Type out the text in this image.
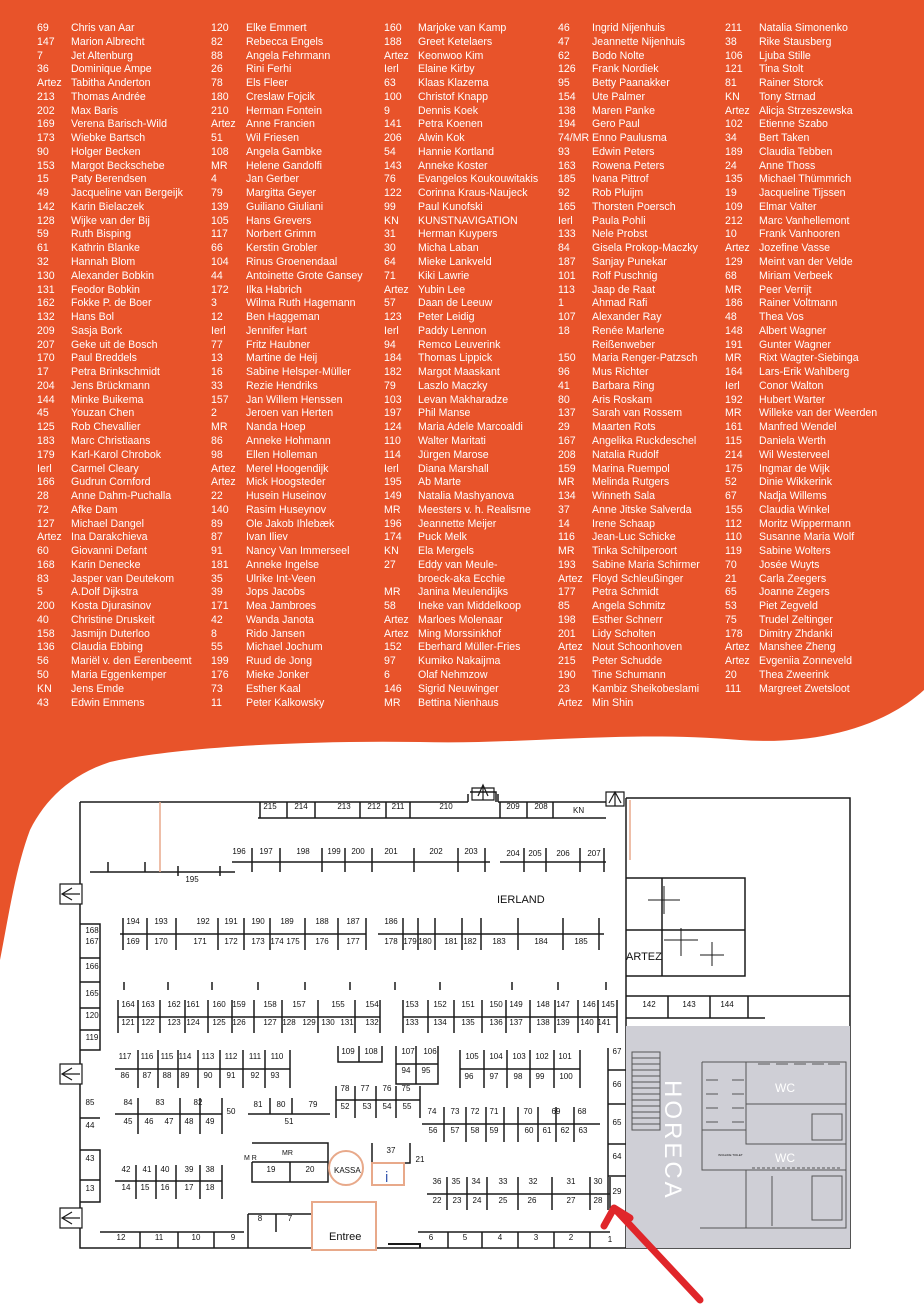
69 Chris van Aar
147 Marion Albrecht
7	Jet Altenburg
36 Dominique Ampe
Artez Tabitha Anderton
213 Thomas Andrée
202 Max Baris
169 Verena Barisch-Wild
173 Wiebke Bartsch
90 Holger Becken
153 Margot Beckschebe
15 Paty Berendsen
49 Jacqueline van Bergeijk
142 Karin Bielaczek
128 Wijke van der Bij
59 Ruth Bisping
61 Kathrin Blanke
32 Hannah Blom
130 Alexander Bobkin
131 Feodor Bobkin
162 Fokke P. de Boer
132 Hans Bol
209 Sasja Bork
207 Geke uit de Bosch
170 Paul Breddels
17 Petra Brinkschmidt
204 Jens Brückmann
144 Minke Buikema
45 Youzan Chen
125 Rob Chevallier
183 Marc Christiaans
179 Karl-Karol Chrobok
Ierl Carmel Cleary
166 Gudrun Cornford
28 Anne Dahm-Puchalla
72 Afke Dam
127 Michael Dangel
Artez Ina Darakchieva
60 Giovanni Defant
168 Karin Denecke
83 Jasper van Deutekom
5	A.Dolf Dijkstra
200 Kosta Djurasinov
40 Christine Druskeit
158 Jasmijn Duterloo
136 Claudia Ebbing
56 Mariël v. den Eerenbeemt
50 Maria Eggenkemper
KN Jens Emde
43 Edwin Emmens
120 Elke Emmert
82 Rebecca Engels
88 Angela Fehrmann
26 Rini Ferhi
78 Els Fleer
180 Creslaw Fojcik
210 Herman Fontein
Artez Anne Francien
51 Wil Friesen
108 Angela Gambke
MR Helene Gandolfi
4	Jan Gerber
79 Margitta Geyer
139 Guiliano Giuliani
105 Hans Grevers
117 Norbert Grimm
66 Kerstin Grobler
104 Rinus Groenendaal
44 Antoinette Grote Gansey
172 Ilka Habrich
3	Wilma Ruth Hagemann
12 Ben Haggeman
Ierl Jennifer Hart
77 Fritz Haubner
13 Martine de Heij
16 Sabine Helsper-Müller
33 Rezie Hendriks
157 Jan Willem Henssen
2	Jeroen van Herten
MR Nanda Hoep
86 Anneke Hohmann
98 Ellen Holleman
Artez Merel Hoogendijk
Artez Mick Hoogsteder
22 Husein Huseinov
140 Rasim Huseynov
89 Ole Jakob Ihlebæk
87 Ivan Iliev
91 Nancy Van Immerseel
181 Anneke Ingelse
35 Ulrike Int-Veen
39 Jops Jacobs
171 Mea Jambroes
42 Wanda Janota
8	Rido Jansen
55 Michael Jochum
199 Ruud de Jong
176 Mieke Jonker
73 Esther Kaal
11 Peter Kalkowsky
160 Marjoke van Kamp
188 Greet Ketelaers
Artez Keonwoo Kim
Ierl Elaine Kirby
63 Klaas Klazema
100 Christof Knapp
9	Dennis Koek
141 Petra Koenen
206 Alwin Kok
54 Hannie Kortland
143 Anneke Koster
76 Evangelos Koukouwitakis
122 Corinna Kraus-Naujeck
99 Paul Kunofski
KN KUNSTNAVIGATION
31 Herman Kuypers
30 Micha Laban
64 Mieke Lankveld
71 Kiki Lawrie
Artez Yubin Lee
57 Daan de Leeuw
123 Peter Leidig
Ierl Paddy Lennon
94 Remco Leuverink
184 Thomas Lippick
182 Margot Maaskant
79 Laszlo Maczky
103 Levan Makharadze
197 Phil Manse
124 Maria Adele Marcoaldi
110 Walter Maritati
114 Jürgen Marose
Ierl Diana Marshall
195 Ab Marte
149 Natalia Mashyanova
MR Meesters v. h. Realisme
196 Jeannette Meijer
174 Puck Melk
KN Ela Mergels
27 Eddy van Meule-
broeck-aka Ecchie
MR Janina Meulendijks
58 Ineke van Middelkoop
Artez Marloes Molenaar
Artez Ming Morssinkhof
152 Eberhard Müller-Fries
97 Kumiko Nakaijma
6	Olaf Nehmzow
146 Sigrid Neuwinger
MR Bettina Nienhaus
46 Ingrid Nijenhuis
47 Jeannette Nijenhuis
62 Bodo Nolte
126 Frank Nordiek
95 Betty Paanakker
154 Ute Palmer
138 Maren Panke
194 Gero Paul
74/MR Enno Paulusma
93 Edwin Peters
163 Rowena Peters
185 Ivana Pittrof
92 Rob Pluijm
165 Thorsten Poersch
Ierl Paula Pohli
133 Nele Probst
84 Gisela Prokop-Maczky
187 Sanjay Punekar
101 Rolf Puschnig
113 Jaap de Raat
1	Ahmad Rafi
107 Alexander Ray
18 Renée Marlene
Reißenweber
150 Maria Renger-Patzsch
96 Mus Richter
41 Barbara Ring
80 Aris Roskam
137 Sarah van Rossem
29 Maarten Rots
167 Angelika Ruckdeschel
208 Natalia Rudolf
159 Marina Ruempol
MR Melinda Rutgers
134 Winneth Sala
37 Anne Jitske Salverda
14 Irene Schaap
116 Jean-Luc Schicke
MR Tinka Schilperoort
193 Sabine Maria Schirmer
Artez Floyd Schleußinger
177 Petra Schmidt
85 Angela Schmitz
198 Esther Schnerr
201 Lidy Scholten
Artez Nout Schoonhoven
215 Peter Schudde
190 Tine Schumann
23 Kambiz Sheikobeslami
Artez Min Shin
211 Natalia Simonenko
38 Rike Stausberg
106 Ljuba Stille
121 Tina Stolt
81 Rainer Storck
KN Tony Strnad
Artez Alicja Strzeszewska
102 Etienne Szabo
34 Bert Taken
189 Claudia Tebben
24 Anne Thoss
135 Michael Thümmrich
19 Jacqueline Tijssen
109 Elmar Valter
212 Marc Vanhellemont
10 Frank Vanhooren
Artez Jozefine Vasse
129 Meint van der Velde
68 Miriam Verbeek
MR Peer Verrijt
186 Rainer Voltmann
48 Thea Vos
148 Albert Wagner
191 Gunter Wagner
MR Rixt Wagter-Siebinga
164 Lars-Erik Wahlberg
Ierl Conor Walton
192 Hubert Warter
MR Willeke van der Weerden
161 Manfred Wendel
115 Daniela Werth
214 Wil Westerveel
175 Ingmar de Wijk
52 Dinie Wikkerink
67 Nadja Willems
155 Claudia Winkel
112 Moritz Wippermann
110 Susanne Maria Wolf
119 Sabine Wolters
70 Josée Wuyts
21 Carla Zeegers
65 Joanne Zegers
53 Piet Zegveld
75 Trudel Zeltinger
178 Dimitry Zhdanki
Artez Manshee Zheng
Artez Evgeniia Zonneveld
20 Thea Zweerink
111 Margreet Zwetsloot
IERLAND
ARTEZ
KN
KASSA i
Entree
MR
M R
WC
WC
INVALIDE TOILET
HORECA
215 214	213 212 211	210	209 208
196 197	198 199 200 201	202	203	204 205 206 207
195
194 193	192 191 190 189	188 187	186
168
167	169 170	171 172 173 174 175 176 177	178 179 180 181 182 183	184	185
166
165
120
119
164 163 162 161 160 159 158 157	155	154	153 152 151 150 149 148 147 146 145	142	143	144
121 122 123 124 125 126 127 128 129 130 131 132	133 134 135 136 137 138 139 140 141
109 108	107 106
117 116 115 114 113 112 111 110	105 104 103 102 101
67
94 95
86 87 88 89 90 91 92 93	96 97 98 99 100
66
78 77 76 75
84	83	82
85	81 80	79	52 53 54 55
50	74 73 72 71	70 69 68
45 46 47 48 49
44	51	65
56 57 58 59	60 61 62 63
37
64
43	21
42 41 40 39 38	19	20
36 35 34 33	32	31 30
29
14 15 16 17 18
13
22 23 24 25	26	27 28
8	7
12	11	10	9	6	5	4	3	2	1
